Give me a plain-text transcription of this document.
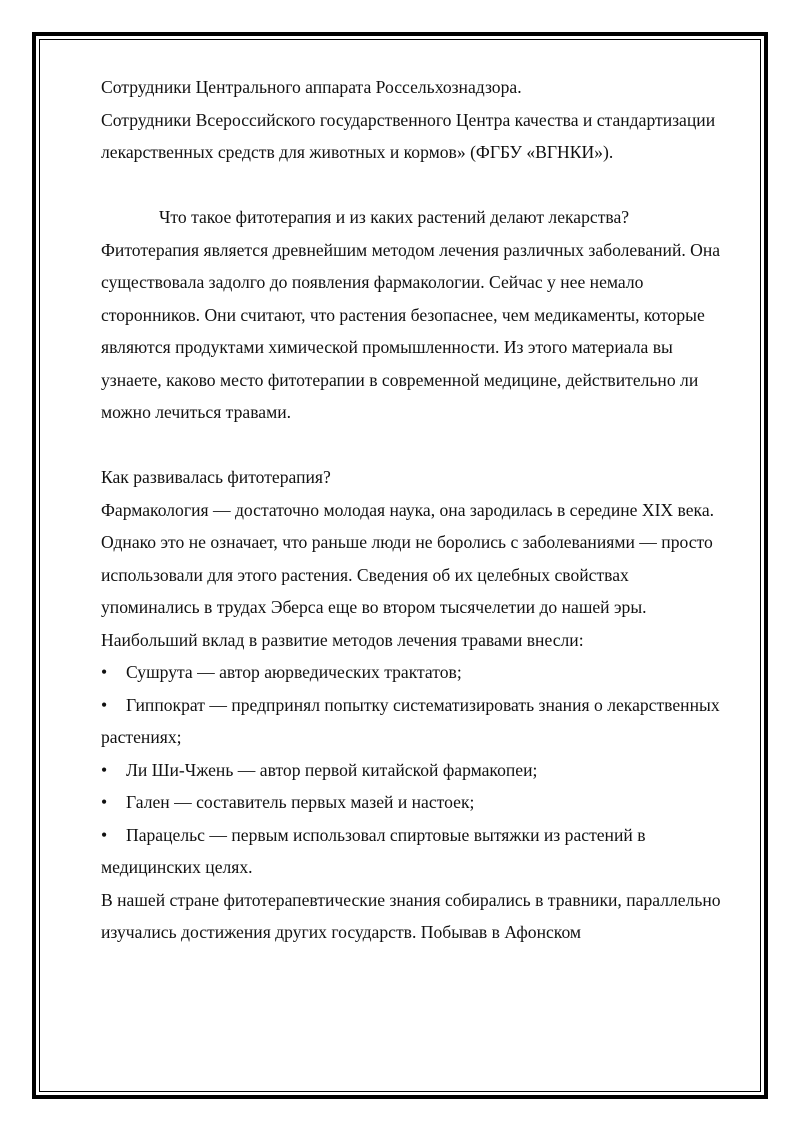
Сотрудники Центрального аппарата Россельхознадзора.

Сотрудники Всероссийского государственного Центра качества и стандартизации лекарственных средств для животных и кормов» (ФГБУ «ВГНКИ»).

Что такое фитотерапия и из каких растений делают лекарства?

Фитотерапия является древнейшим методом лечения различных заболеваний. Она существовала задолго до появления фармакологии. Сейчас у нее немало сторонников. Они считают, что растения безопаснее, чем медикаменты, которые являются продуктами химической промышленности. Из этого материала вы узнаете, каково место фитотерапии в современной медицине, действительно ли можно лечиться травами.

Как развивалась фитотерапия?

Фармакология — достаточно молодая наука, она зародилась в середине XIX века. Однако это не означает, что раньше люди не боролись с заболеваниями — просто использовали для этого растения. Сведения об их целебных свойствах упоминались в трудах Эберса еще во втором тысячелетии до нашей эры.

Наибольший вклад в развитие методов лечения травами внесли:

• Сушрута — автор аюрведических трактатов;
• Гиппократ — предпринял попытку систематизировать знания о лекарственных растениях;
• Ли Ши-Чжень — автор первой китайской фармакопеи;
• Гален — составитель первых мазей и настоек;
• Парацельс — первым использовал спиртовые вытяжки из растений в медицинских целях.

В нашей стране фитотерапевтические знания собирались в травники, параллельно изучались достижения других государств. Побывав в Афонском
